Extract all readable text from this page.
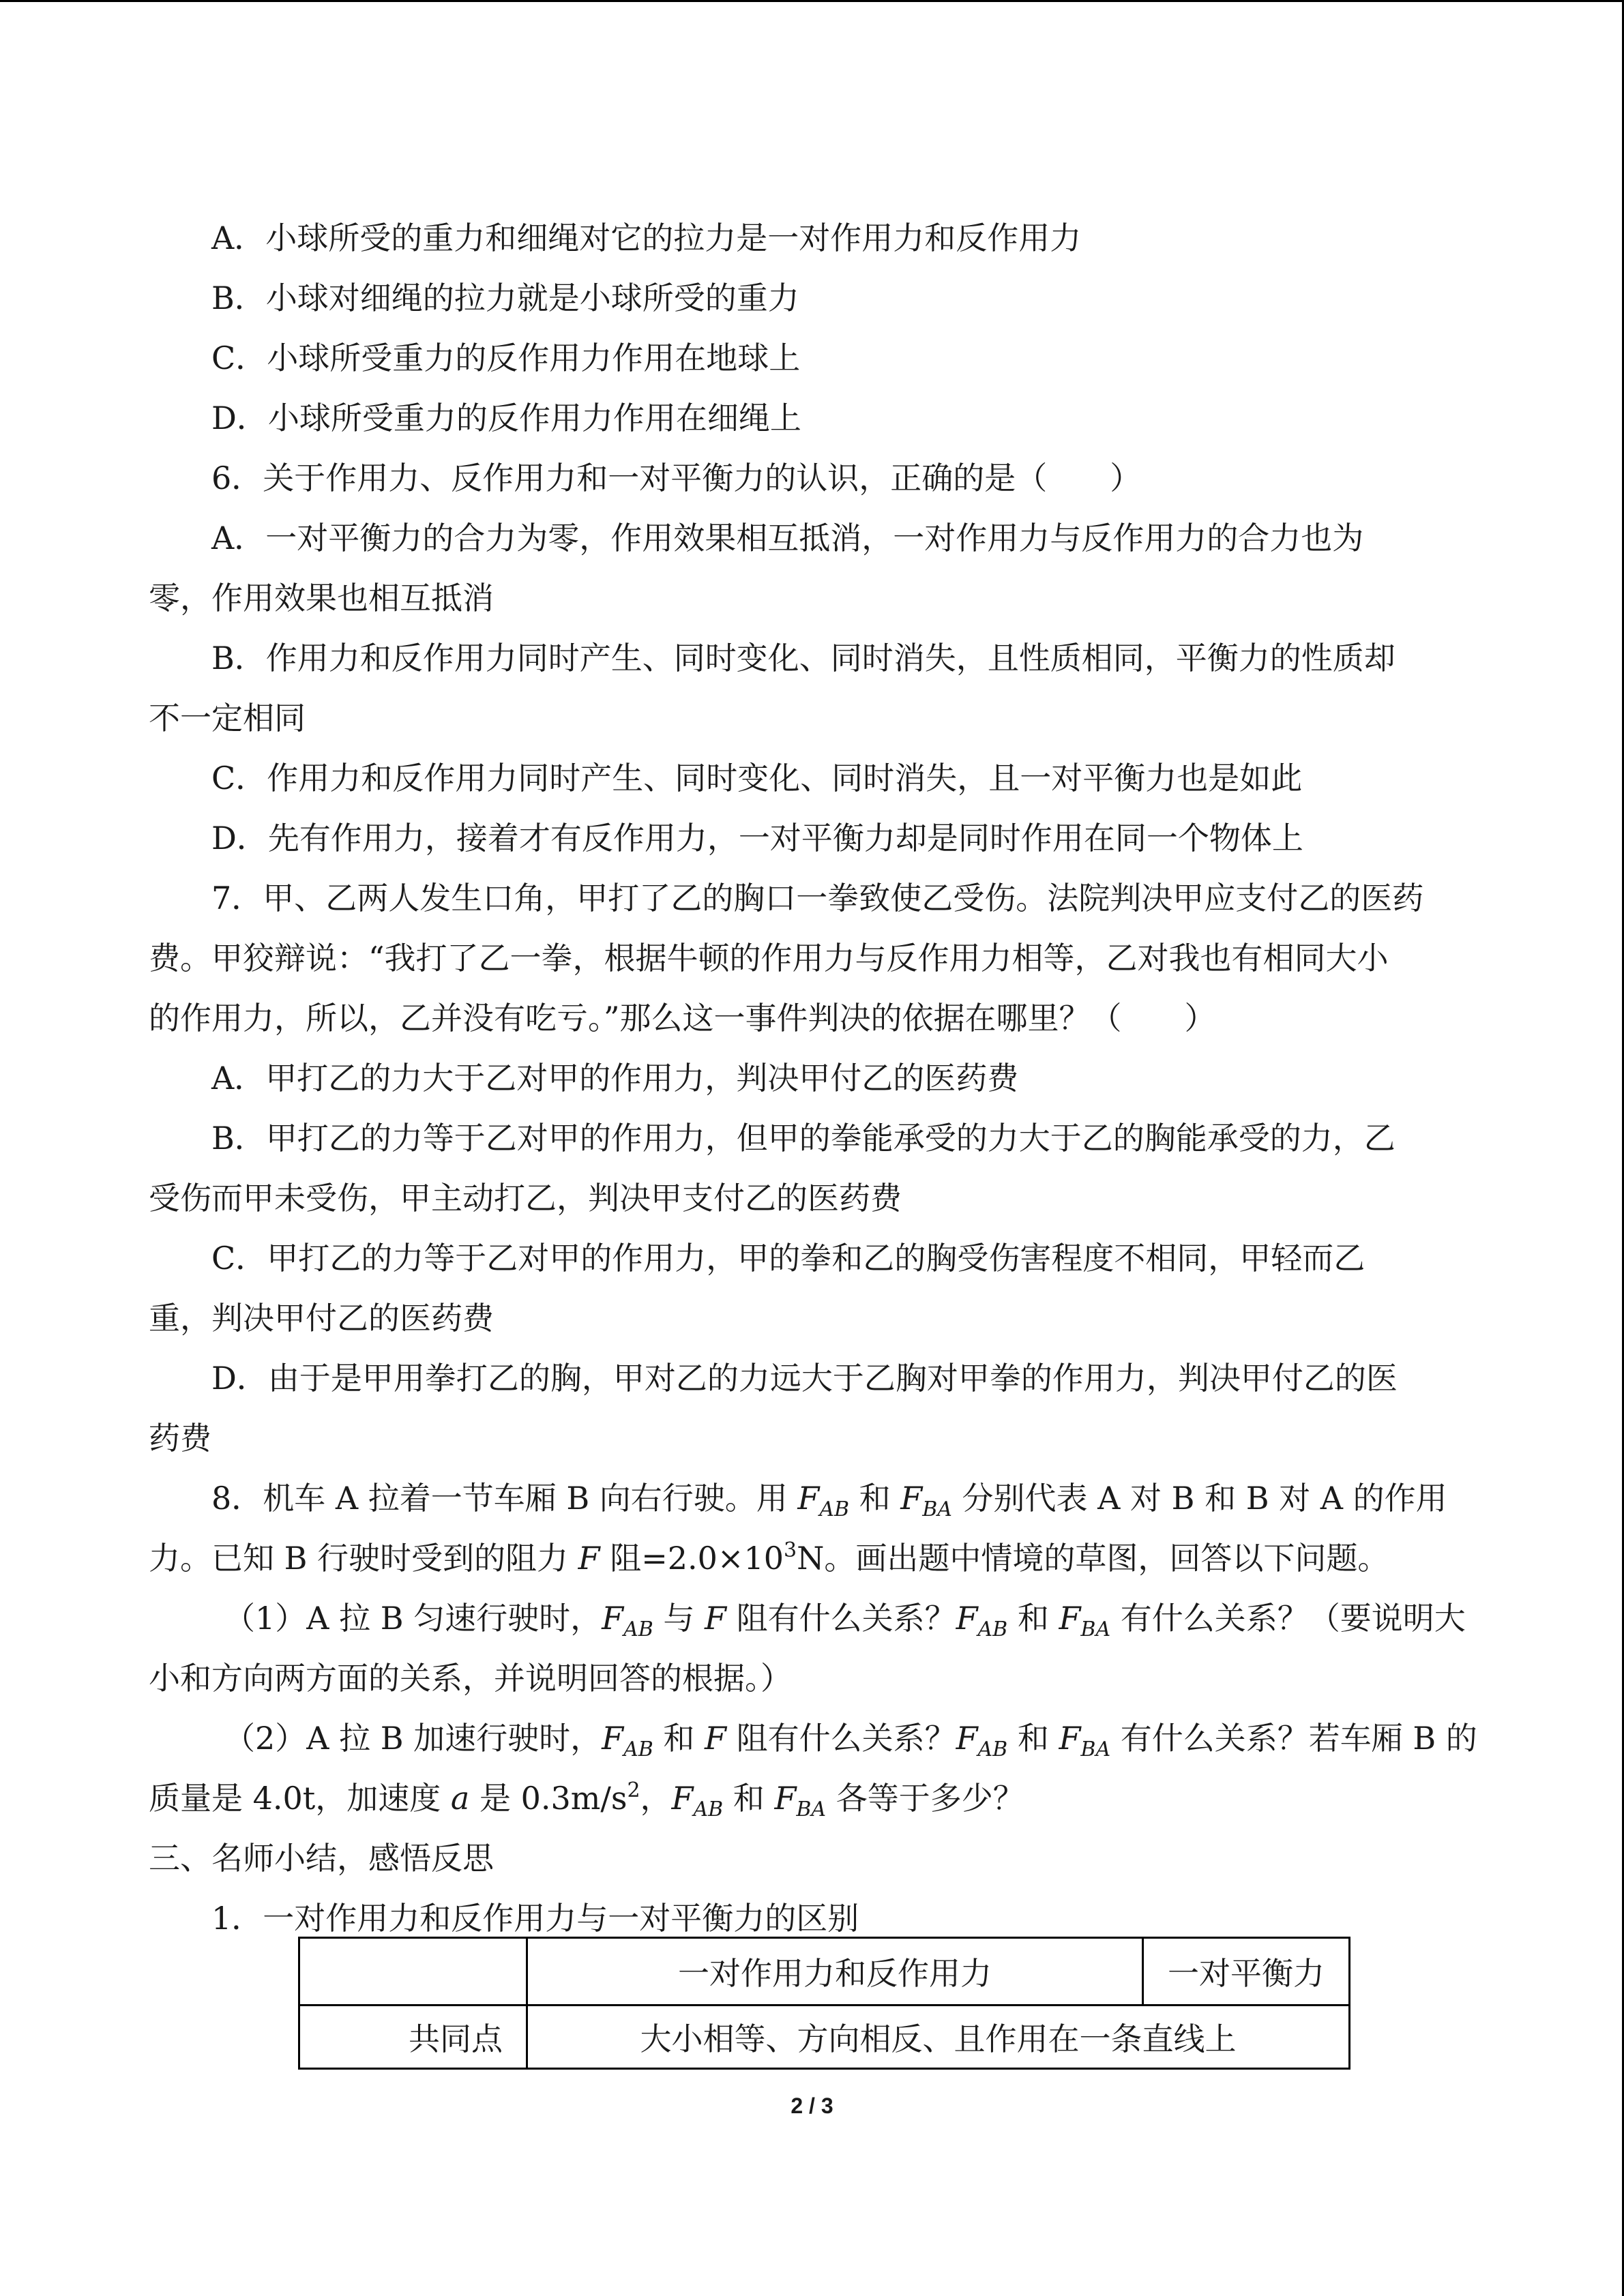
A．小球所受的重力和细绳对它的拉力是一对作用力和反作用力

B．小球对细绳的拉力就是小球所受的重力

C．小球所受重力的反作用力作用在地球上

D．小球所受重力的反作用力作用在细绳上

6．关于作用力、反作用力和一对平衡力的认识，正确的是（　　）

A．一对平衡力的合力为零，作用效果相互抵消，一对作用力与反作用力的合力也为

零，作用效果也相互抵消

B．作用力和反作用力同时产生、同时变化、同时消失，且性质相同，平衡力的性质却

不一定相同

C．作用力和反作用力同时产生、同时变化、同时消失，且一对平衡力也是如此

D．先有作用力，接着才有反作用力，一对平衡力却是同时作用在同一个物体上

7．甲、乙两人发生口角，甲打了乙的胸口一拳致使乙受伤。法院判决甲应支付乙的医药

费。甲狡辩说：“我打了乙一拳，根据牛顿的作用力与反作用力相等，乙对我也有相同大小

的作用力，所以，乙并没有吃亏。”那么这一事件判决的依据在哪里？（　　）

A．甲打乙的力大于乙对甲的作用力，判决甲付乙的医药费

B．甲打乙的力等于乙对甲的作用力，但甲的拳能承受的力大于乙的胸能承受的力，乙

受伤而甲未受伤，甲主动打乙，判决甲支付乙的医药费

C．甲打乙的力等于乙对甲的作用力，甲的拳和乙的胸受伤害程度不相同，甲轻而乙

重，判决甲付乙的医药费

D．由于是甲用拳打乙的胸，甲对乙的力远大于乙胸对甲拳的作用力，判决甲付乙的医

药费

8．机车 A 拉着一节车厢 B 向右行驶。用 $F_{AB}$ 和 $F_{BA}$ 分别代表 A 对 B 和 B 对 A 的作用

力。已知 B 行驶时受到的阻力 F 阻$=2.0\times 10^3N$。画出题中情境的草图，回答以下问题。

（1）A 拉 B 匀速行驶时，$F_{AB}$ 与 F 阻有什么关系？$F_{AB}$ 和 $F_{BA}$ 有什么关系？（要说明大

小和方向两方面的关系，并说明回答的根据。）

（2）A 拉 B 加速行驶时，$F_{AB}$ 和 F 阻有什么关系？$F_{AB}$ 和 $F_{BA}$ 有什么关系？若车厢 B 的

质量是 4.0t，加速度 a 是 $0.3m/s^2$，$F_{AB}$ 和 $F_{BA}$ 各等于多少？

三、名师小结，感悟反思

1．一对作用力和反作用力与一对平衡力的区别

	一对作用力和反作用力	一对平衡力
共同点	大小相等、方向相反、且作用在一条直线上	
2 / 3
